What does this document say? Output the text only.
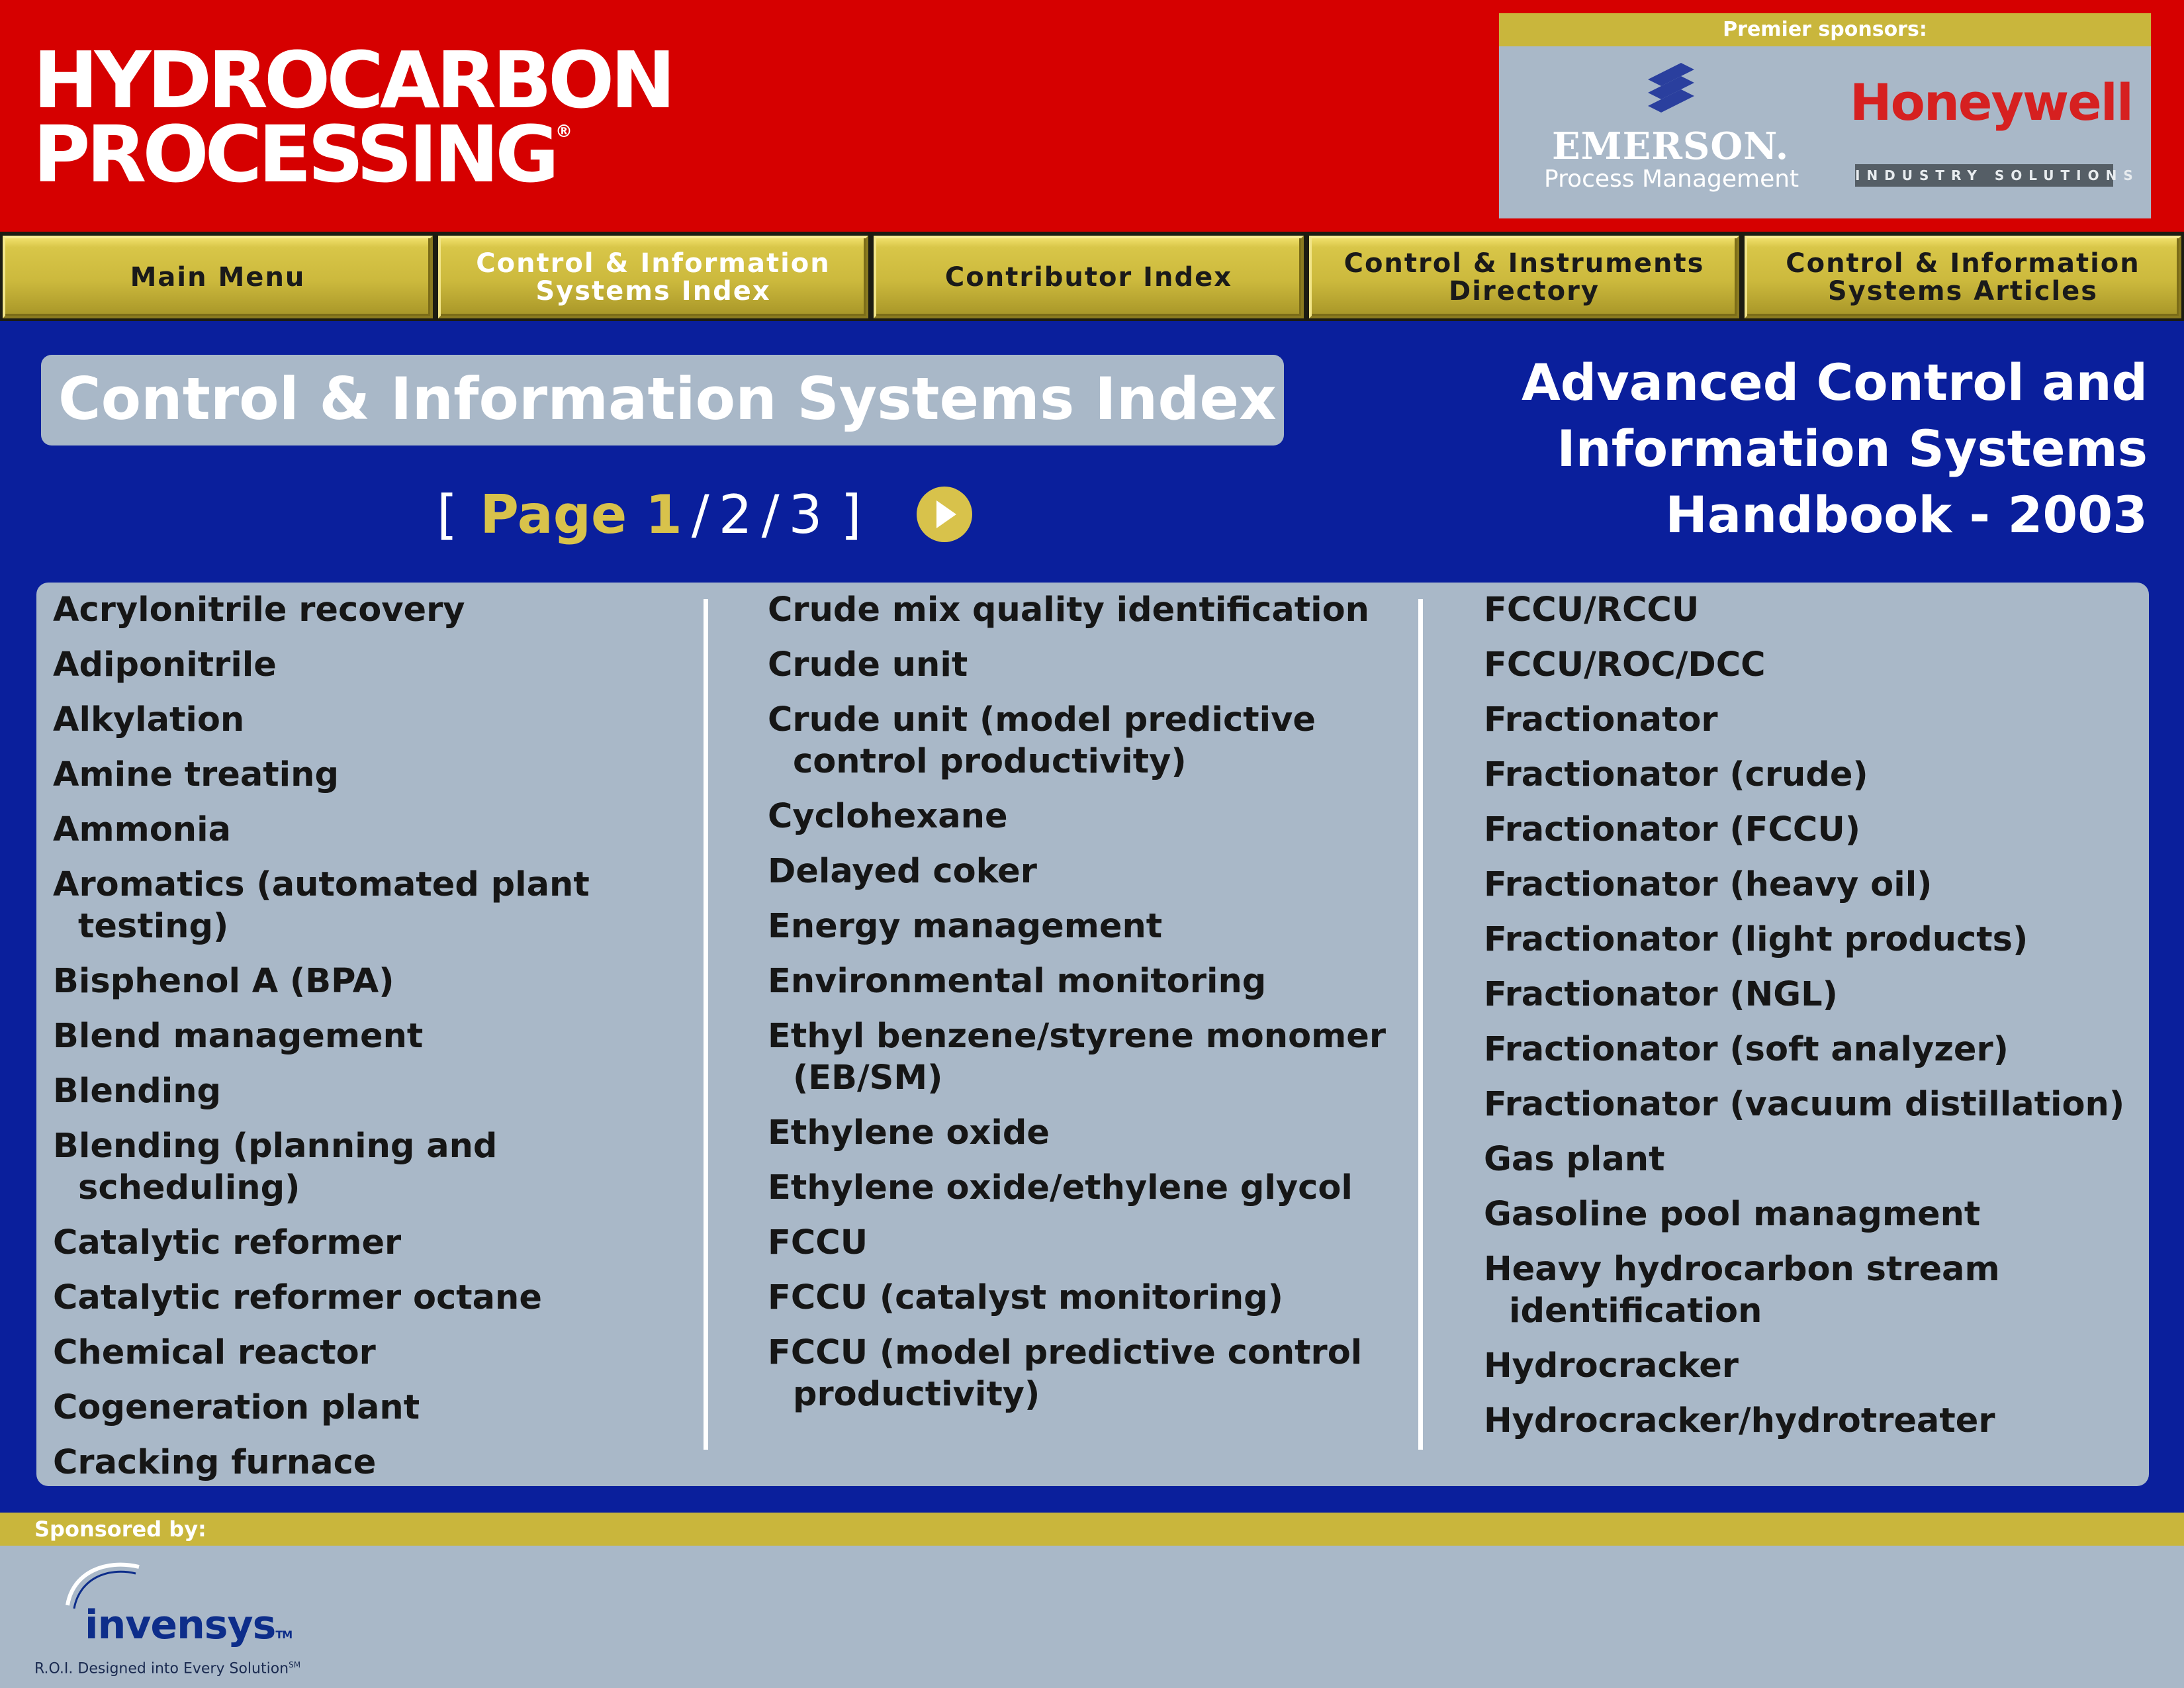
HYDROCARBON
PROCESSING®
Premier sponsors:
EMERSON.
Process Management
Honeywell
INDUSTRY SOLUTIONS
Main Menu	Control & Information Systems Index	Contributor Index	Control & Instruments Directory
Control & Information Systems Articles
Control & Information Systems Index	Advanced Control and Information Systems Handbook - 2003
[ Page 1 / 2 / 3 ]
Acrylonitrile recovery
Adiponitrile
Alkylation
Amine treating
Ammonia
Aromatics (automated plant testing)
Bisphenol A (BPA)
Blend management
Blending
Blending (planning and scheduling)
Catalytic reformer
Catalytic reformer octane
Chemical reactor
Cogeneration plant
Cracking furnace
Crude mix quality identification
Crude unit
Crude unit (model predictive control productivity)
Cyclohexane
Delayed coker
Energy management
Environmental monitoring
Ethyl benzene/styrene monomer (EB/SM)
Ethylene oxide
Ethylene oxide/ethylene glycol
FCCU
FCCU (catalyst monitoring)
FCCU (model predictive control productivity)
FCCU/RCCU
FCCU/ROC/DCC
Fractionator
Fractionator (crude)
Fractionator (FCCU)
Fractionator (heavy oil)
Fractionator (light products)
Fractionator (NGL)
Fractionator (soft analyzer)
Fractionator (vacuum distillation)
Gas plant
Gasoline pool managment
Heavy hydrocarbon stream identification
Hydrocracker
Hydrocracker/hydrotreater
Sponsored by:
invensysTM
R.O.I. Designed into Every Solution℠
